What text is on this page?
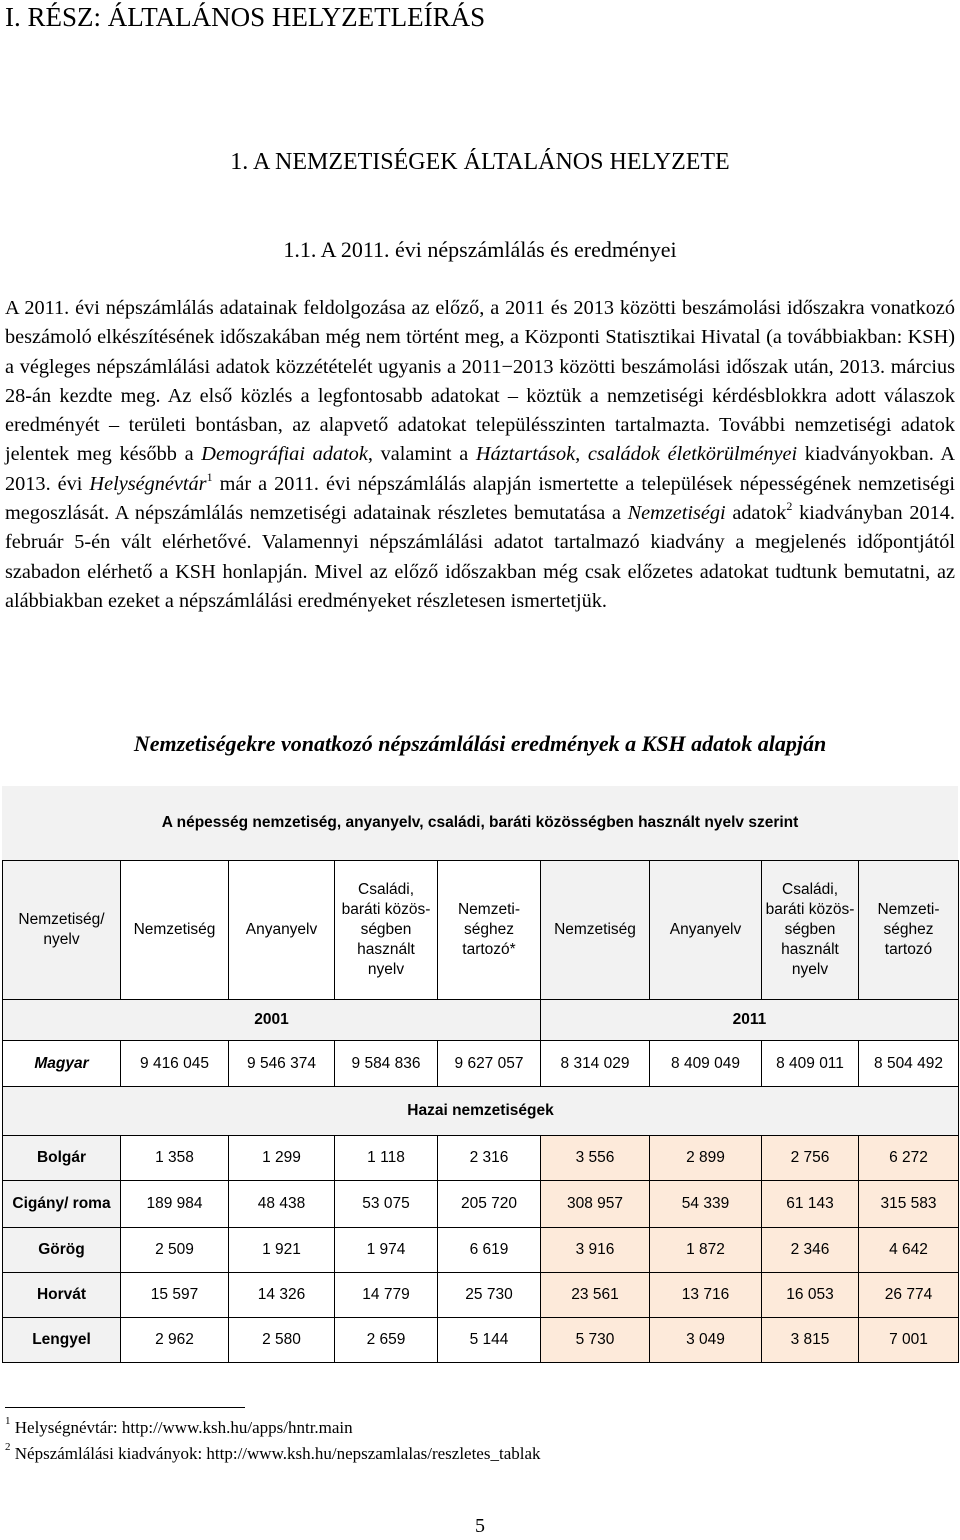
I. RÉSZ: ÁLTALÁNOS HELYZETLEÍRÁS
1. A NEMZETISÉGEK ÁLTALÁNOS HELYZETE
1.1. A 2011. évi népszámlálás és eredményei

A 2011. évi népszámlálás adatainak feldolgozása az előző, a 2011 és 2013 közötti beszámolási időszakra vonatkozó beszámoló elkészítésének időszakában még nem történt meg, a Központi Statisztikai Hivatal (a továbbiakban: KSH) a végleges népszámlálási adatok közzétételét ugyanis a 2011−2013 közötti beszámolási időszak után, 2013. március 28-án kezdte meg. Az első közlés a legfontosabb adatokat – köztük a nemzetiségi kérdésblokkra adott válaszok eredményét – területi bontásban, az alapvető adatokat településszinten tartalmazta. További nemzetiségi adatok jelentek meg később a Demográfiai adatok, valamint a Háztartások, családok életkörülményei kiadványokban. A 2013. évi Helységnévtár$^1$ már a 2011. évi népszámlálás alapján ismertette a települések népességének nemzetiségi megoszlását. A népszámlálás nemzetiségi adatainak részletes bemutatása a Nemzetiségi adatok$^2$ kiadványban 2014. február 5-én vált elérhetővé. Valamennyi népszámlálási adatot tartalmazó kiadvány a megjelenés időpontjától szabadon elérhető a KSH honlapján. Mivel az előző időszakban még csak előzetes adatokat tudtunk bemutatni, az alábbiakban ezeket a népszámlálási eredményeket részletesen ismertetjük.

Nemzetiségekre vonatkozó népszámlálási eredmények a KSH adatok alapján

A népesség nemzetiség, anyanyelv, családi, baráti közösségben használt nyelv szerint
Nemzetiség/ nyelv	Nemzetiség	Anyanyelv	Családi, baráti közös-ségben használt nyelv	Nemzeti-séghez tartozó*	Nemzetiség	Anyanyelv	Családi, baráti közös-ségben használt nyelv	Nemzeti-séghez tartozó
2001					2011			
Magyar	9 416 045	9 546 374	9 584 836	9 627 057	8 314 029	8 409 049	8 409 011	8 504 492
Hazai nemzetiségek								
Bolgár	1 358	1 299	1 118	2 316	3 556	2 899	2 756	6 272
Cigány/ roma	189 984	48 438	53 075	205 720	308 957	54 339	61 143	315 583
Görög	2 509	1 921	1 974	6 619	3 916	1 872	2 346	4 642
Horvát	15 597	14 326	14 779	25 730	23 561	13 716	16 053	26 774
Lengyel	2 962	2 580	2 659	5 144	5 730	3 049	3 815	7 001

$^1$ Helységnévtár: http://www.ksh.hu/apps/hntr.main

$^2$ Népszámlálási kiadványok: http://www.ksh.hu/nepszamlalas/reszletes_tablak

5
